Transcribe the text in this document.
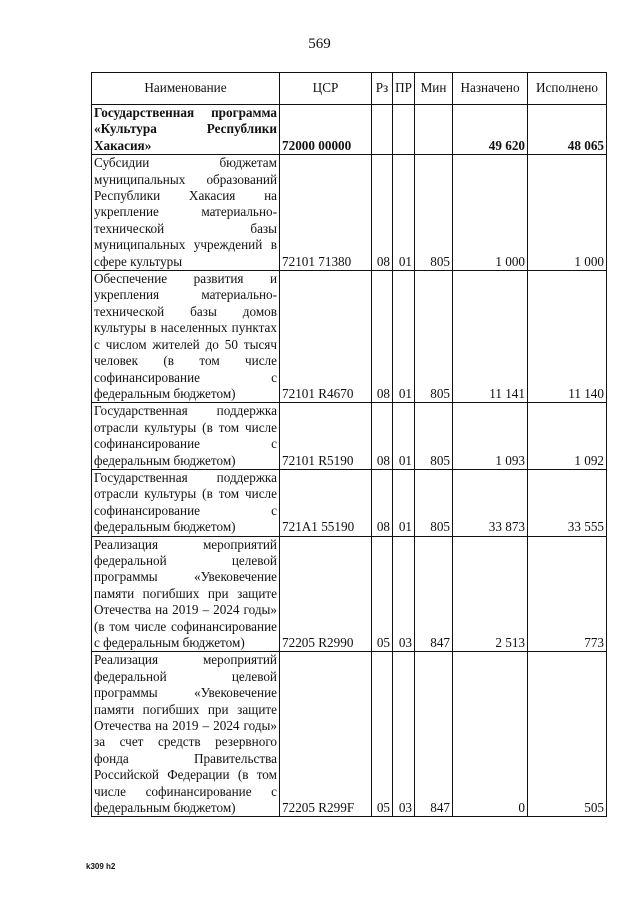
569
Наименование	ЦСР	Рз	ПР	Мин	Назначено	Исполнено
Государственная программа «Культура Республики Хакасия»	72000 00000				49 620	48 065
Субсидии бюджетам муниципальных образований Республики Хакасия на укрепление материально-технической базы муниципальных учреждений в сфере культуры	72101 71380	08	01	805	1 000	1 000
Обеспечение развития и укрепления материально-технической базы домов культуры в населенных пунктах с числом жителей до 50 тысяч человек (в том числе софинансирование с федеральным бюджетом)	72101 R4670	08	01	805	11 141	11 140
Государственная поддержка отрасли культуры (в том числе софинансирование с федеральным бюджетом)	72101 R5190	08	01	805	1 093	1 092
Государственная поддержка отрасли культуры (в том числе софинансирование с федеральным бюджетом)	721A1 55190	08	01	805	33 873	33 555
Реализация мероприятий федеральной целевой программы «Увековечение памяти погибших при защите Отечества на 2019 – 2024 годы» (в том числе софинансирование с федеральным бюджетом)	72205 R2990	05	03	847	2 513	773
Реализация мероприятий федеральной целевой программы «Увековечение памяти погибших при защите Отечества на 2019 – 2024 годы» за счет средств резервного фонда Правительства Российской Федерации (в том числе софинансирование с федеральным бюджетом)	72205 R299F	05	03	847	0	505
k309 h2
